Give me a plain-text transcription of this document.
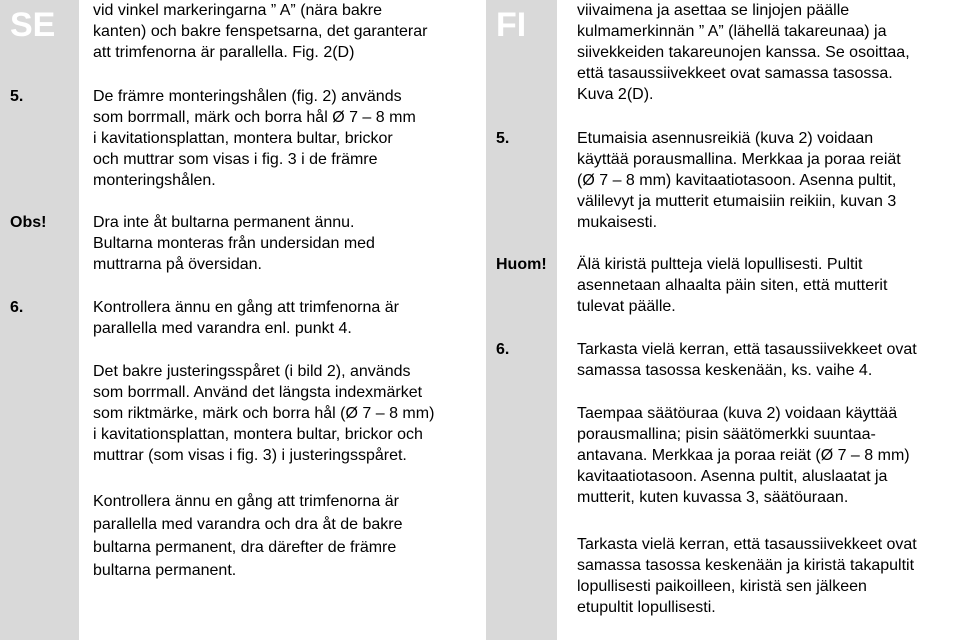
SE	FI
5.
Obs!
6.
5.
Huom!
6.
vid vinkel markeringarna ” A” (nära bakre
kanten) och bakre fenspetsarna, det garanterar
att trimfenorna är parallella. Fig. 2(D)
De främre monteringshålen (fig. 2) används
som borrmall, märk och borra hål Ø 7 – 8 mm
i kavitationsplattan, montera bultar, brickor
och muttrar som visas i fig. 3 i de främre
monteringshålen.
Dra inte åt bultarna permanent ännu.
Bultarna monteras från undersidan med
muttrarna på översidan.
Kontrollera ännu en gång att trimfenorna är
parallella med varandra enl. punkt 4.
Det bakre justeringsspåret (i bild 2), används
som borrmall. Använd det längsta indexmärket
som riktmärke, märk och borra hål (Ø 7 – 8 mm)
i kavitationsplattan, montera bultar, brickor och
muttrar (som visas i fig. 3) i justeringsspåret.
Kontrollera ännu en gång att trimfenorna är
parallella med varandra och dra åt de bakre
bultarna permanent, dra därefter de främre
bultarna permanent.
viivaimena ja asettaa se linjojen päälle
kulmamerkinnän ” A” (lähellä takareunaa) ja
siivekkeiden takareunojen kanssa. Se osoittaa,
että tasaussiivekkeet ovat samassa tasossa.
Kuva 2(D).
Etumaisia asennusreikiä (kuva 2) voidaan
käyttää porausmallina. Merkkaa ja poraa reiät
(Ø 7 – 8 mm) kavitaatiotasoon. Asenna pultit,
välilevyt ja mutterit etumaisiin reikiin, kuvan 3
mukaisesti.
Älä kiristä pultteja vielä lopullisesti. Pultit
asennetaan alhaalta päin siten, että mutterit
tulevat päälle.
Tarkasta vielä kerran, että tasaussiivekkeet ovat
samassa tasossa keskenään, ks. vaihe 4.
Taempaa säätöuraa (kuva 2) voidaan käyttää
porausmallina; pisin säätömerkki suuntaa-
antavana. Merkkaa ja poraa reiät (Ø 7 – 8 mm)
kavitaatiotasoon. Asenna pultit, aluslaatat ja
mutterit, kuten kuvassa 3, säätöuraan.
Tarkasta vielä kerran, että tasaussiivekkeet ovat
samassa tasossa keskenään ja kiristä takapultit
lopullisesti paikoilleen, kiristä sen jälkeen
etupultit lopullisesti.
